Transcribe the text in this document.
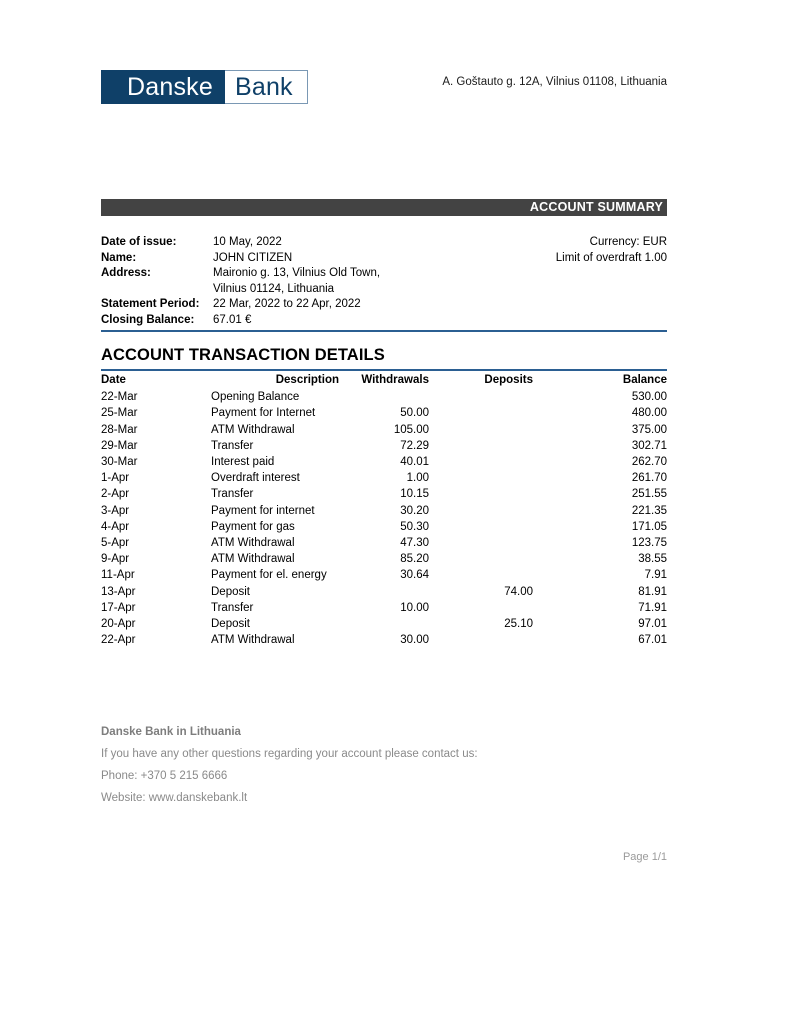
Danske Bank	A. Goštauto g. 12A, Vilnius 01108, Lithuania
ACCOUNT SUMMARY
Date of issue:	10 May, 2022
Name:	JOHN CITIZEN
Address:	Maironio g. 13, Vilnius Old Town,
Vilnius 01124, Lithuania
Statement Period:	22 Mar, 2022 to 22 Apr, 2022
Closing Balance:	67.01 €
Currency: EUR
Limit of overdraft 1.00
ACCOUNT TRANSACTION DETAILS
Date	Description	Withdrawals	Deposits	Balance
22-Mar	Opening Balance			530.00
25-Mar	Payment for Internet	50.00		480.00
28-Mar	ATM Withdrawal	105.00		375.00
29-Mar	Transfer	72.29		302.71
30-Mar	Interest paid	40.01		262.70
1-Apr	Overdraft interest	1.00		261.70
2-Apr	Transfer	10.15		251.55
3-Apr	Payment for internet	30.20		221.35
4-Apr	Payment for gas	50.30		171.05
5-Apr	ATM Withdrawal	47.30		123.75
9-Apr	ATM Withdrawal	85.20		38.55
11-Apr	Payment for el. energy	30.64		7.91
13-Apr	Deposit		74.00	81.91
17-Apr	Transfer	10.00		71.91
20-Apr	Deposit		25.10	97.01
22-Apr	ATM Withdrawal	30.00		67.01
Danske Bank in Lithuania
If you have any other questions regarding your account please contact us:
Phone: +370 5 215 6666
Website: www.danskebank.lt
Page 1/1
